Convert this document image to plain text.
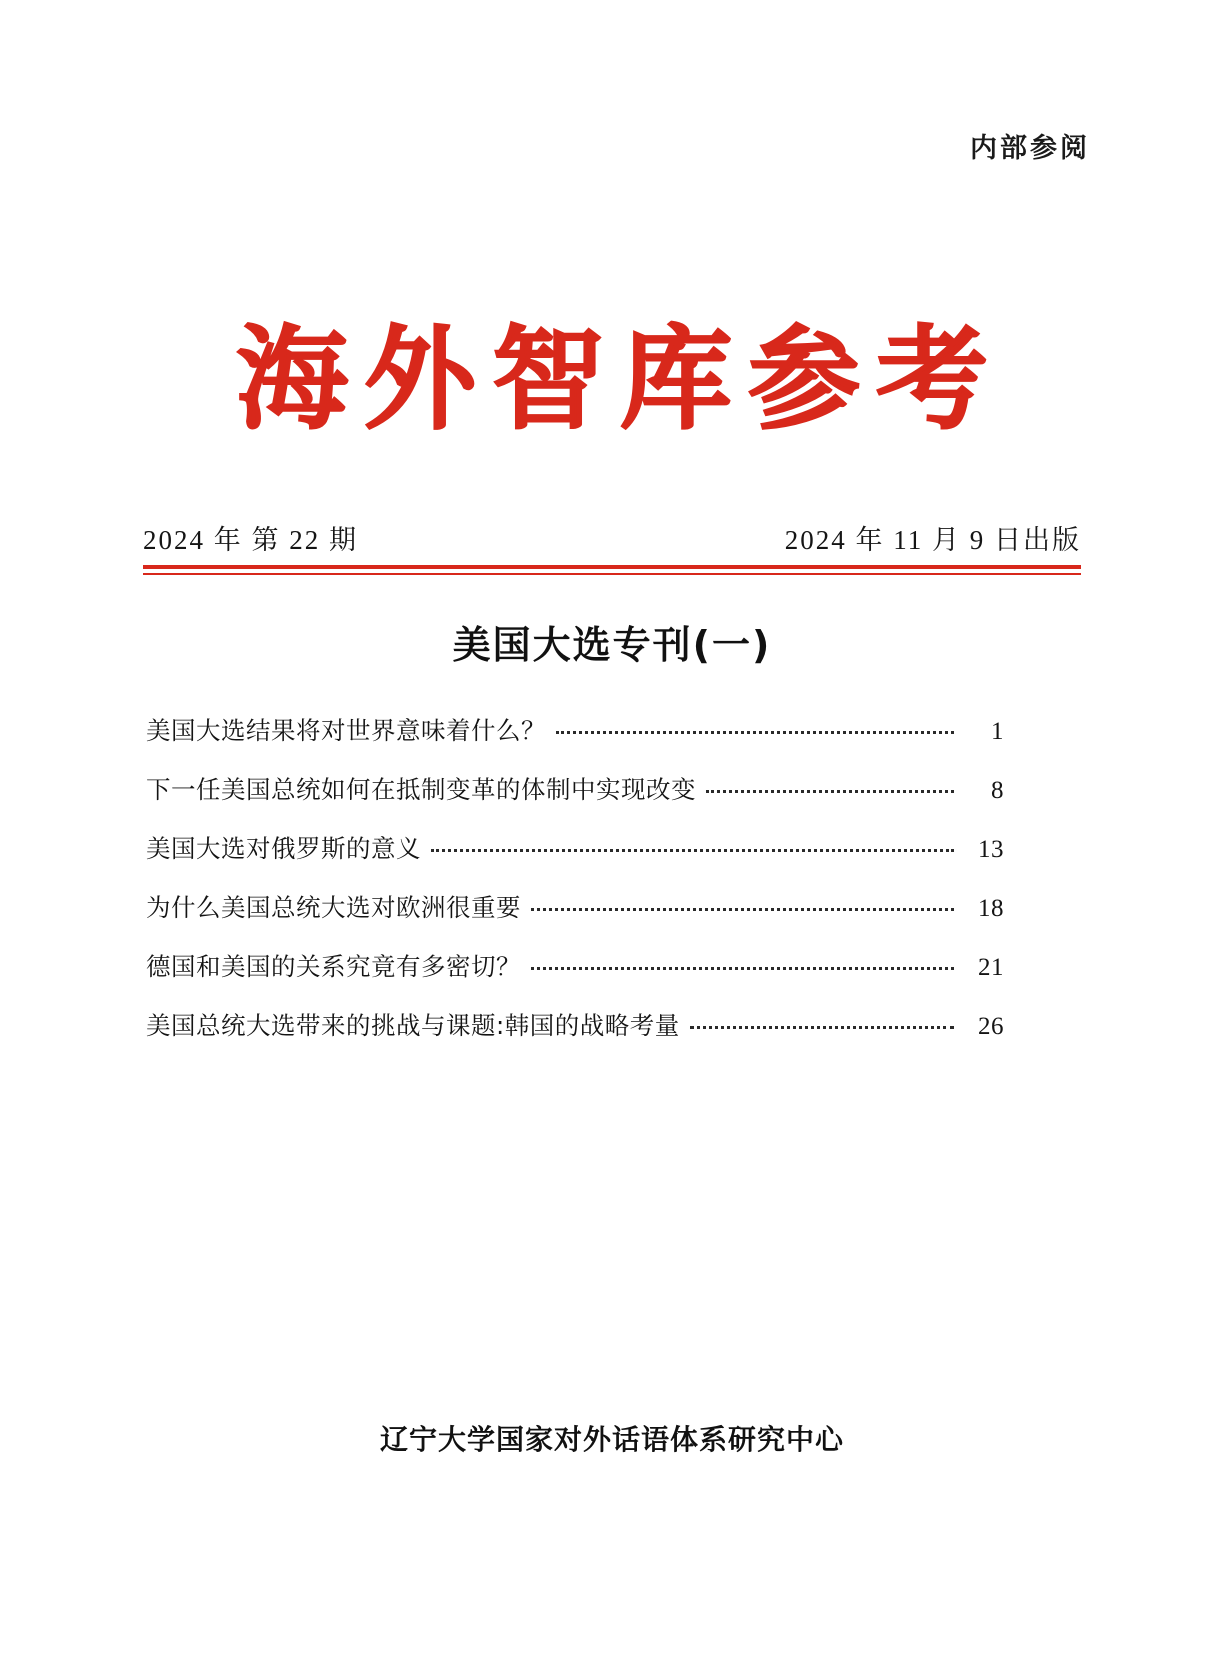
内部参阅
海外智库参考
2024 年 第 22 期	2024 年 11 月 9 日出版
美国大选专刊(一)
美国大选结果将对世界意味着什么？	1
下一任美国总统如何在抵制变革的体制中实现改变	8
美国大选对俄罗斯的意义	13
为什么美国总统大选对欧洲很重要	18
德国和美国的关系究竟有多密切？	21
美国总统大选带来的挑战与课题:韩国的战略考量	26
辽宁大学国家对外话语体系研究中心
